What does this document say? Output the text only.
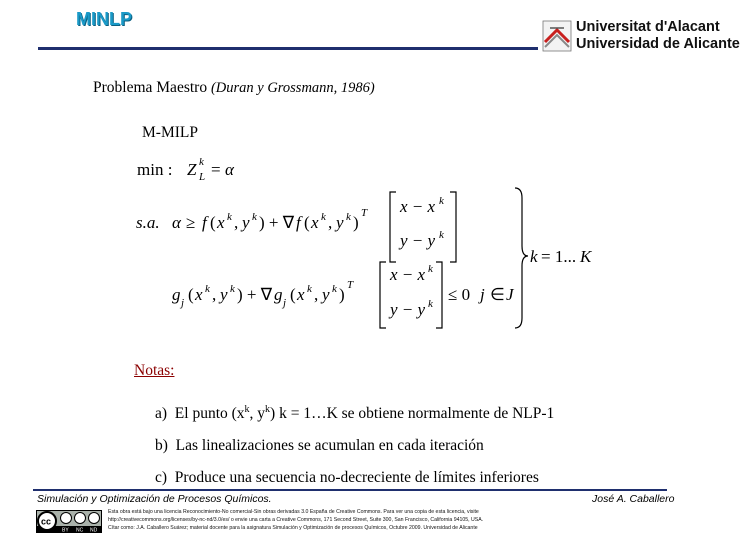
MINLP	Universitat d'Alacant
Universidad de Alicante
Problema Maestro (Duran y Grossmann, 1986)
M-MILP
min : Z k
L = α
s.a. α ≥ f ( x k , y k ) + ∇ f ( x k , y k ) T x − x k
y − y k
g j ( x k , y k ) + ∇ g j ( x k , y k ) T
x − x k
y − y k ≤ 0 j ∈ J
k = 1... K
Notas:
a) El punto ($x^k$, $y^k$) k = 1…K se obtiene normalmente de NLP-1
b) Las linealizaciones se acumulan en cada iteración
c) Produce una secuencia no-decreciente de límites inferiores
Simulación y Optimización de Procesos Químicos.	José A. Caballero
cc
BY NC ND
Esta obra está bajo una licencia Reconocimiento-No comercial-Sin obras derivadas 3.0 España de Creative Commons. Para ver una copia de esta licencia, visite
http://creativecommons.org/licenses/by-nc-nd/3.0/es/ o envie una carta a Creative Commons, 171 Second Street, Suite 300, San Francisco, California 94105, USA.
Cítar como: J.A. Caballero Suárez; material docente para la asignatura Simulación y Optimización de procesos Químicos, Octubre 2009. Universidad de Alicante
